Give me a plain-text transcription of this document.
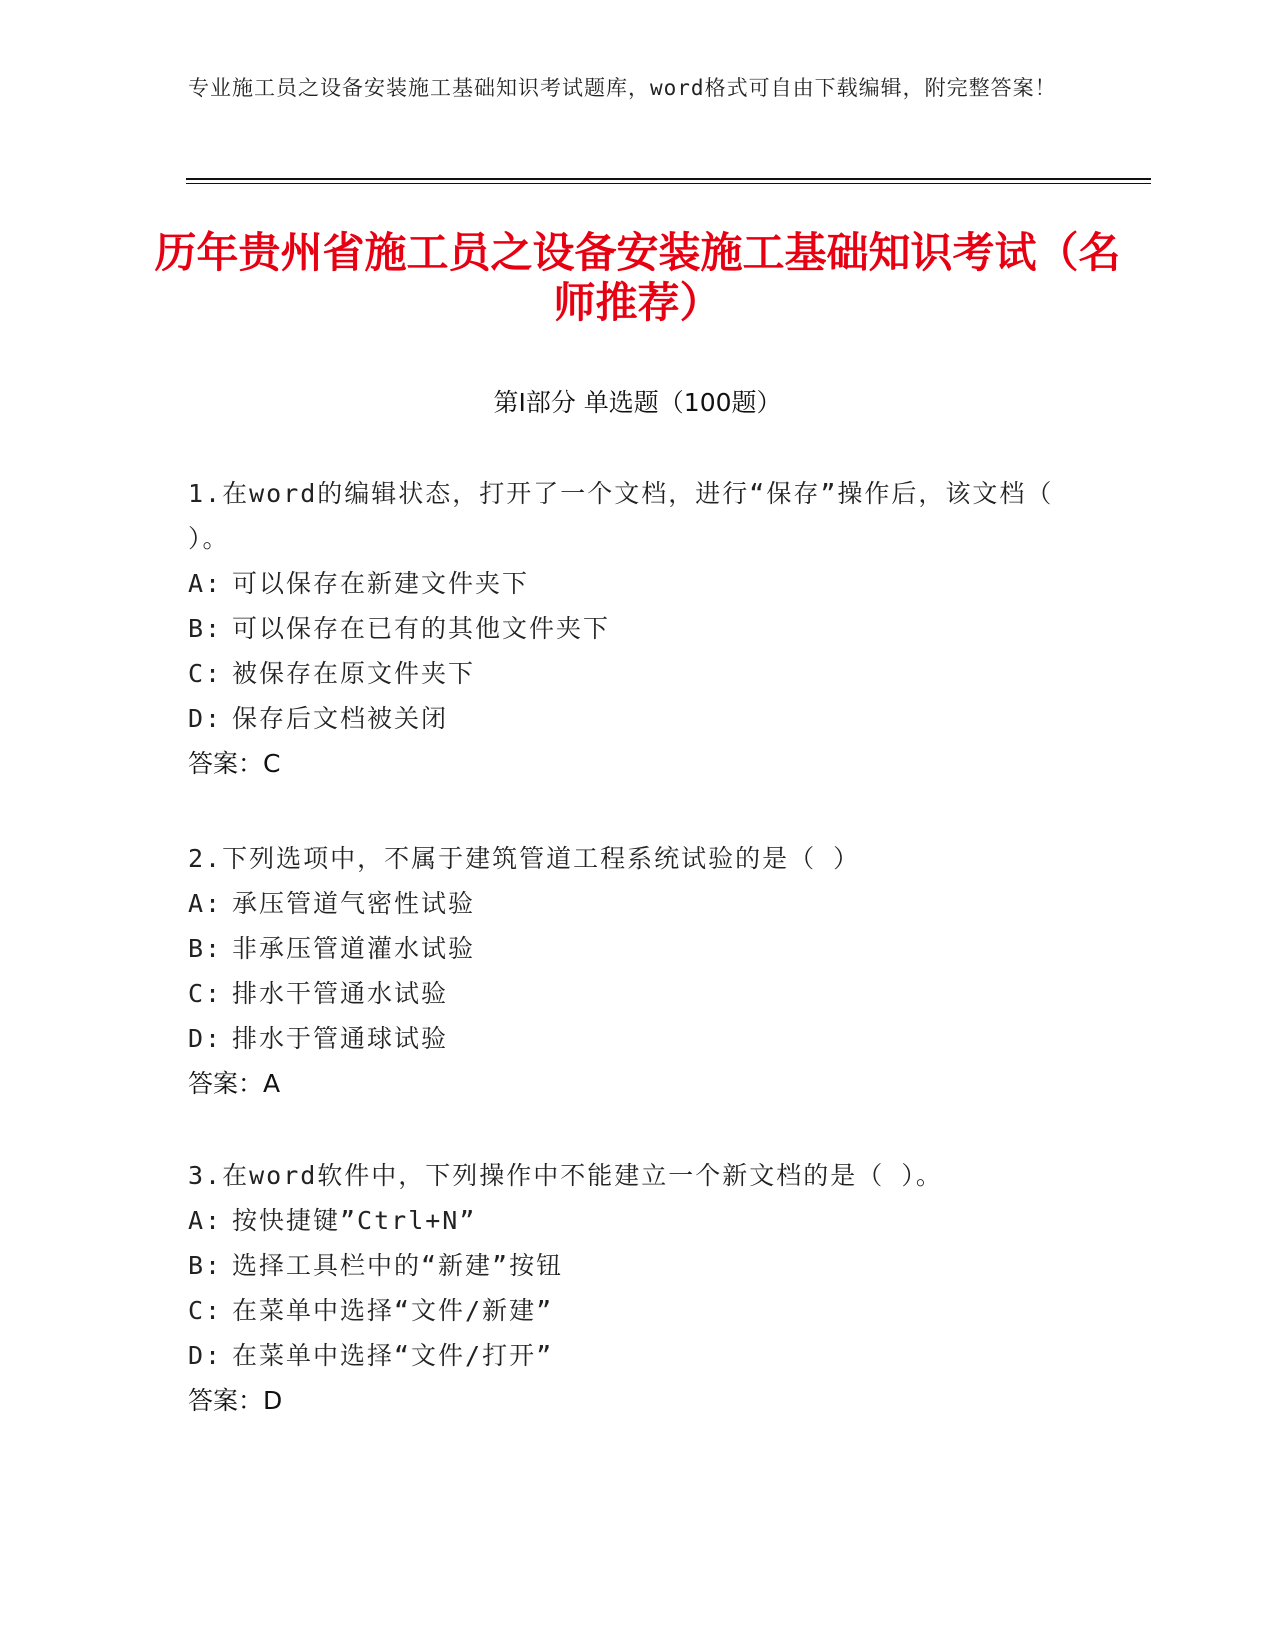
专业施工员之设备安装施工基础知识考试题库，word格式可自由下载编辑，附完整答案！
历年贵州省施工员之设备安装施工基础知识考试（名师推荐）
第Ⅰ部分 单选题（100题）
1.在word的编辑状态，打开了一个文档，进行“保存”操作后，该文档（ ）。
A: 可以保存在新建文件夹下
B: 可以保存在已有的其他文件夹下
C: 被保存在原文件夹下
D: 保存后文档被关闭
答案：C
2.下列选项中，不属于建筑管道工程系统试验的是（ ）
A: 承压管道气密性试验
B: 非承压管道灌水试验
C: 排水干管通水试验
D: 排水于管通球试验
答案：A
3.在word软件中，下列操作中不能建立一个新文档的是（ ）。
A: 按快捷键”Ctrl+N”
B: 选择工具栏中的“新建”按钮
C: 在菜单中选择“文件/新建”
D: 在菜单中选择“文件/打开”
答案：D
